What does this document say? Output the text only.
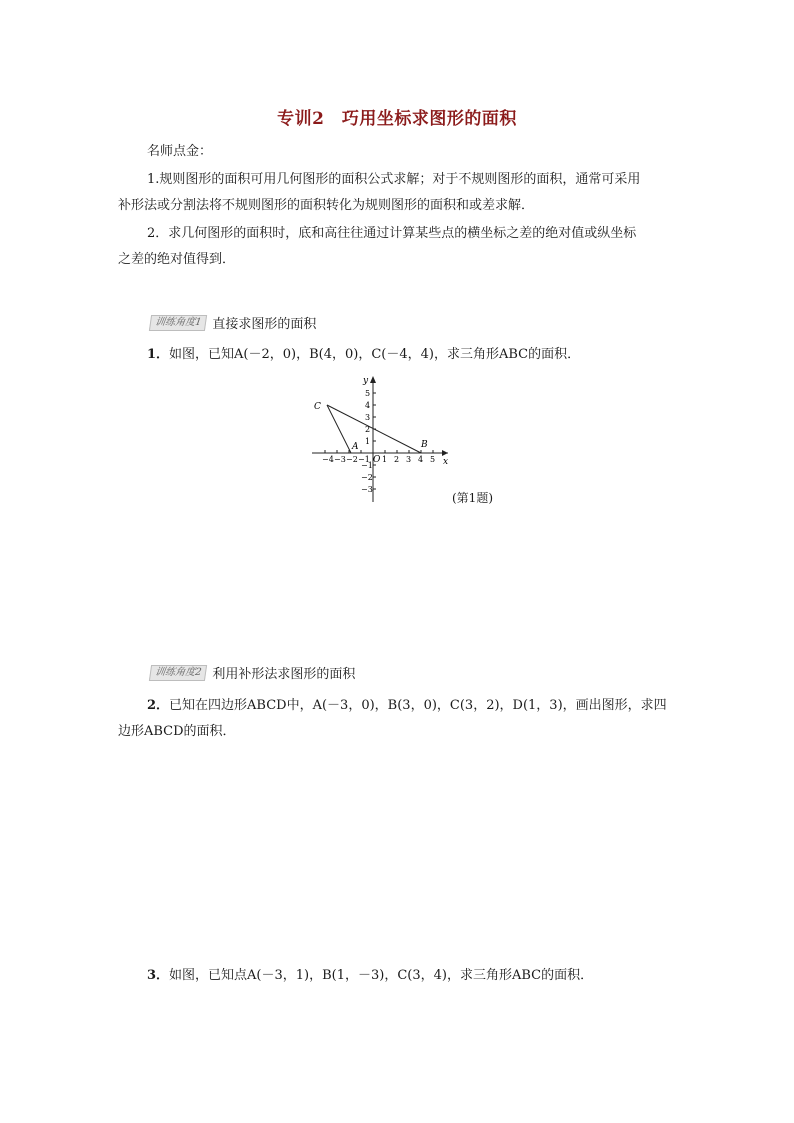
专训2　巧用坐标求图形的面积
名师点金：
1.规则图形的面积可用几何图形的面积公式求解；对于不规则图形的面积，通常可采用
补形法或分割法将不规则图形的面积转化为规则图形的面积和或差求解．
2．求几何图形的面积时，底和高往往通过计算某些点的横坐标之差的绝对值或纵坐标
之差的绝对值得到．
训练角度1 直接求图形的面积
1．如图，已知A(－2，0)，B(4，0)，C(－4，4)，求三角形ABC的面积．
x
y
O
−4 −3 −2 −1 1 2 3 4 5
5
4
3
2
1
−1
−2
−3
C
A	B
(第1题)
训练角度2 利用补形法求图形的面积
2．已知在四边形ABCD中，A(－3，0)，B(3，0)，C(3，2)，D(1，3)，画出图形，求四
边形ABCD的面积．
3．如图，已知点A(－3，1)，B(1，－3)，C(3，4)，求三角形ABC的面积．
